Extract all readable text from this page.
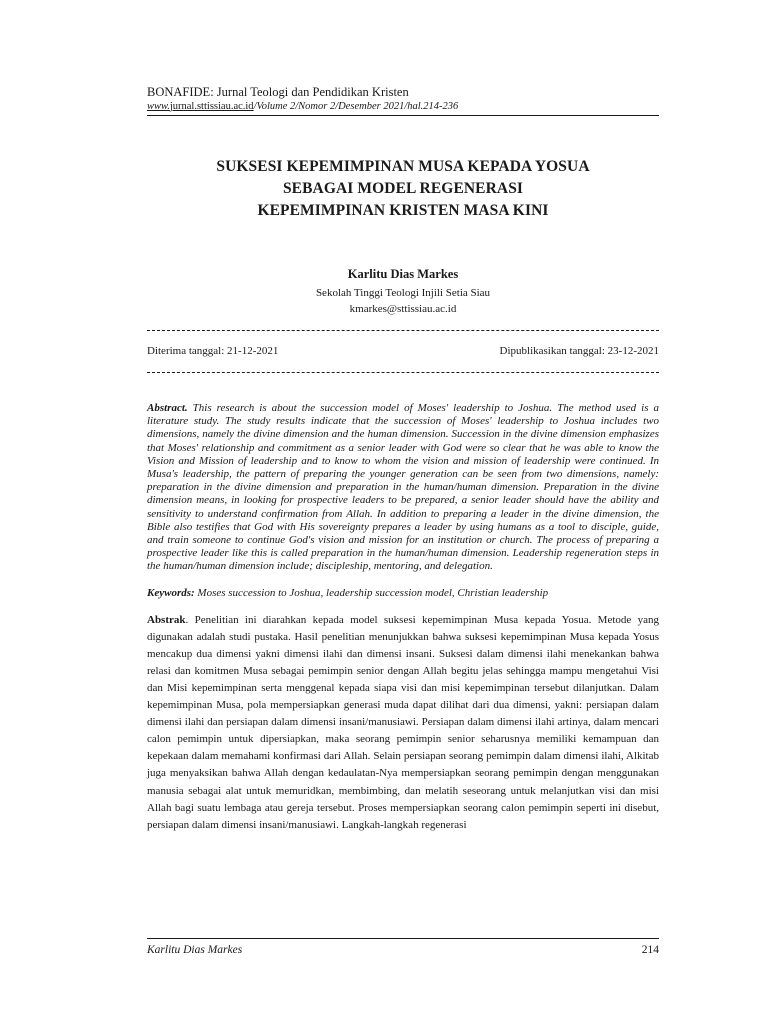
BONAFIDE: Jurnal Teologi dan Pendidikan Kristen

www.jurnal.sttissiau.ac.id/Volume 2/Nomor 2/Desember 2021/hal.214-236

SUKSESI KEPEMIMPINAN MUSA KEPADA YOSUA
SEBAGAI MODEL REGENERASI
KEPEMIMPINAN KRISTEN MASA KINI
Karlitu Dias Markes
Sekolah Tinggi Teologi Injili Setia Siau
kmarkes@sttissiau.ac.id
Diterima tanggal: 21-12-2021	Dipublikasikan tanggal: 23-12-2021

Abstract. This research is about the succession model of Moses' leadership to Joshua. The method used is a literature study. The study results indicate that the succession of Moses' leadership to Joshua includes two dimensions, namely the divine dimension and the human dimension. Succession in the divine dimension emphasizes that Moses' relationship and commitment as a senior leader with God were so clear that he was able to know the Vision and Mission of leadership and to know to whom the vision and mission of leadership were continued. In Musa's leadership, the pattern of preparing the younger generation can be seen from two dimensions, namely: preparation in the divine dimension and preparation in the human/human dimension. Preparation in the divine dimension means, in looking for prospective leaders to be prepared, a senior leader should have the ability and sensitivity to understand confirmation from Allah. In addition to preparing a leader in the divine dimension, the Bible also testifies that God with His sovereignty prepares a leader by using humans as a tool to disciple, guide, and train someone to continue God's vision and mission for an institution or church. The process of preparing a prospective leader like this is called preparation in the human/human dimension. Leadership regeneration steps in the human/human dimension include; discipleship, mentoring, and delegation.

Keywords: Moses succession to Joshua, leadership succession model, Christian leadership

Abstrak. Penelitian ini diarahkan kepada model suksesi kepemimpinan Musa kepada Yosua. Metode yang digunakan adalah studi pustaka. Hasil penelitian menunjukkan bahwa suksesi kepemimpinan Musa kepada Yosus mencakup dua dimensi yakni dimensi ilahi dan dimensi insani. Suksesi dalam dimensi ilahi menekankan bahwa relasi dan komitmen Musa sebagai pemimpin senior dengan Allah begitu jelas sehingga mampu mengetahui Visi dan Misi kepemimpinan serta menggenal kepada siapa visi dan misi kepemimpinan tersebut dilanjutkan. Dalam kepemimpinan Musa, pola mempersiapkan generasi muda dapat dilihat dari dua dimensi, yakni: persiapan dalam dimensi ilahi dan persiapan dalam dimensi insani/manusiawi. Persiapan dalam dimensi ilahi artinya, dalam mencari calon pemimpin untuk dipersiapkan, maka seorang pemimpin senior seharusnya memiliki kemampuan dan kepekaan dalam memahami konfirmasi dari Allah. Selain persiapan seorang pemimpin dalam dimensi ilahi, Alkitab juga menyaksikan bahwa Allah dengan kedaulatan-Nya mempersiapkan seorang pemimpin dengan menggunakan manusia sebagai alat untuk memuridkan, membimbing, dan melatih seseorang untuk melanjutkan visi dan misi Allah bagi suatu lembaga atau gereja tersebut. Proses mempersiapkan seorang calon pemimpin seperti ini disebut, persiapan dalam dimensi insani/manusiawi. Langkah-langkah regenerasi

Karlitu Dias Markes	214
